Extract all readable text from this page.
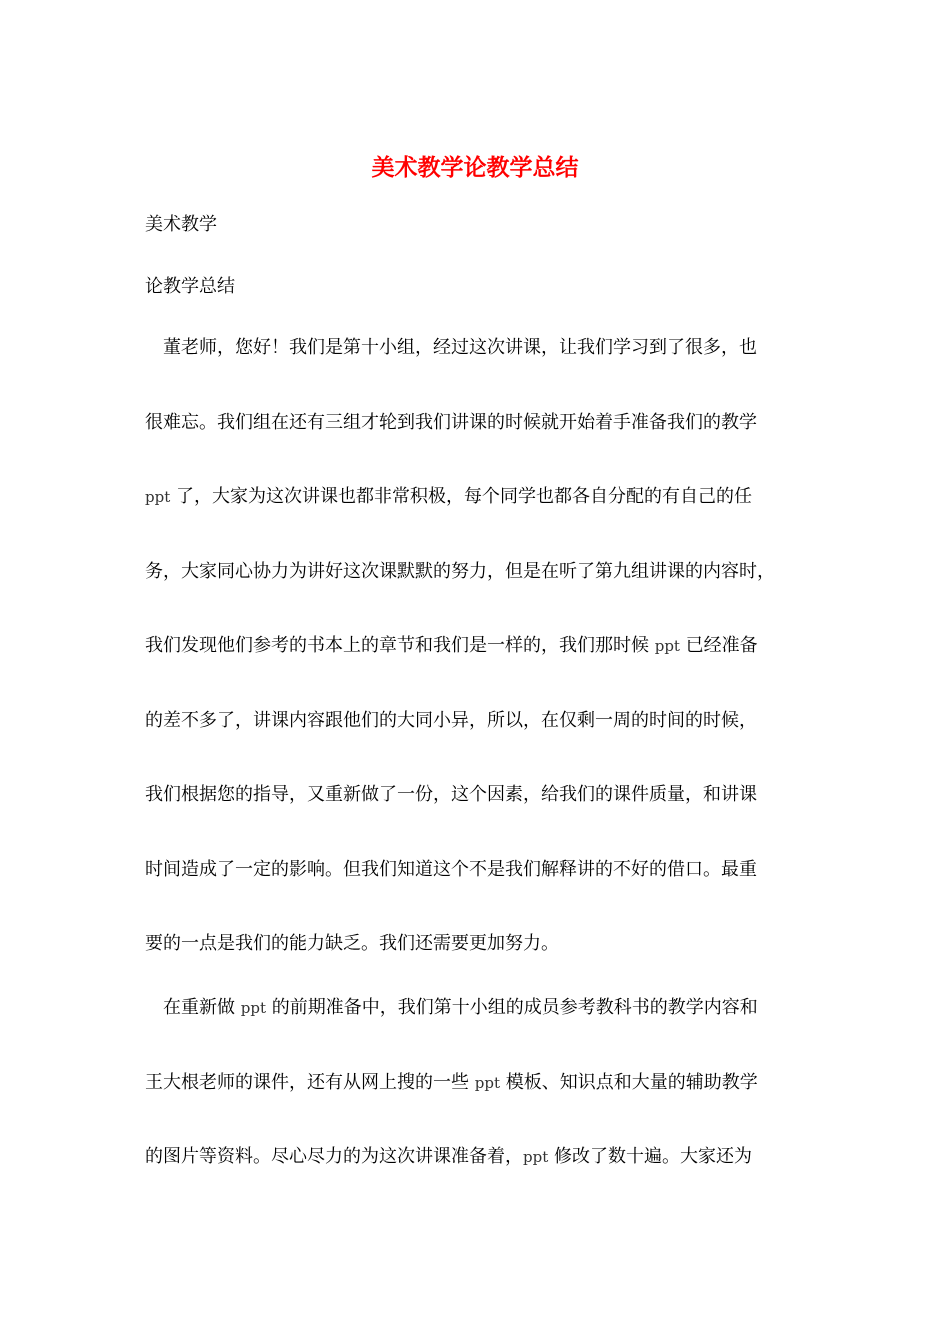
美术教学论教学总结

美术教学

论教学总结

董老师，您好！我们是第十小组，经过这次讲课，让我们学习到了很多，也
很难忘。我们组在还有三组才轮到我们讲课的时候就开始着手准备我们的教学
ppt 了，大家为这次讲课也都非常积极，每个同学也都各自分配的有自己的任
务，大家同心协力为讲好这次课默默的努力，但是在听了第九组讲课的内容时，
我们发现他们参考的书本上的章节和我们是一样的，我们那时候 ppt 已经准备
的差不多了，讲课内容跟他们的大同小异，所以，在仅剩一周的时间的时候，
我们根据您的指导，又重新做了一份，这个因素，给我们的课件质量，和讲课
时间造成了一定的影响。但我们知道这个不是我们解释讲的不好的借口。最重
要的一点是我们的能力缺乏。我们还需要更加努力。
在重新做 ppt 的前期准备中，我们第十小组的成员参考教科书的教学内容和
王大根老师的课件，还有从网上搜的一些 ppt 模板、知识点和大量的辅助教学
的图片等资料。尽心尽力的为这次讲课准备着，ppt 修改了数十遍。大家还为
